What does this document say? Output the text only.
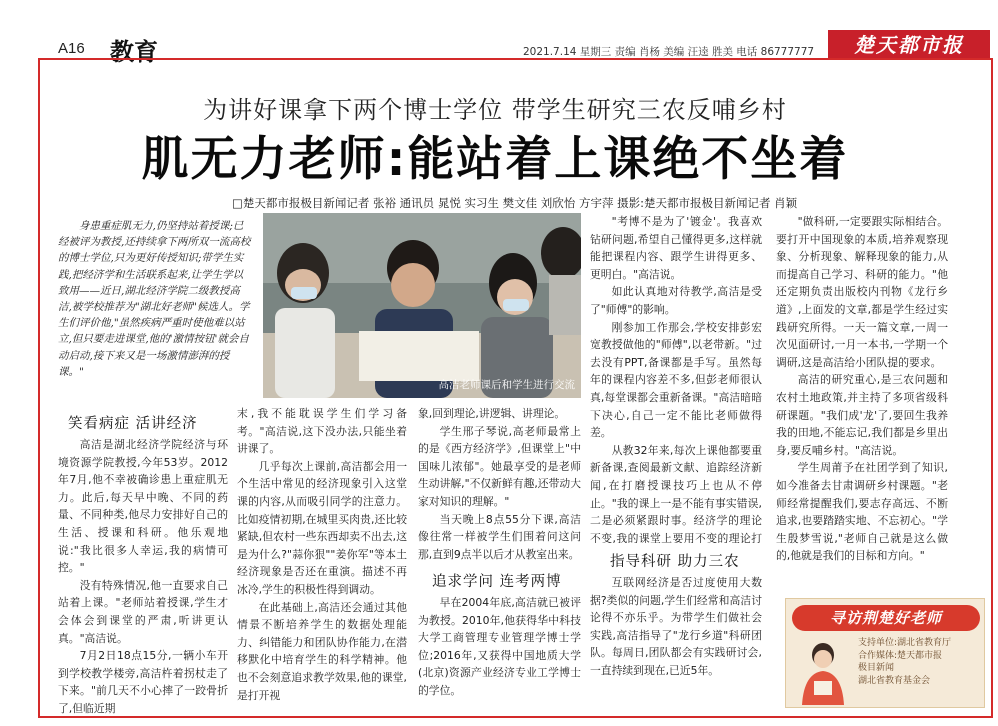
A16 教育	2021.7.14 星期三 责编 肖杨 美编 汪逵 胜美 电话 86777777	楚天都市报
为讲好课拿下两个博士学位 带学生研究三农反哺乡村
肌无力老师:能站着上课绝不坐着
□楚天都市报极目新闻记者 张裕 通讯员 晁悦 实习生 樊文佳 刘欣怡 方宇萍 摄影:楚天都市报极目新闻记者 肖颖
身患重症肌无力,仍坚持站着授课;已经被评为教授,还持续拿下两所双一流高校的博士学位,只为更好传授知识;带学生实践,把经济学和生活联系起来,让学生学以致用——近日,湖北经济学院二级教授高洁,被学校推荐为"湖北好老师"候选人。学生们评价他,"虽然疾病严重时使他难以站立,但只要走进课堂,他的'激情按钮'就会自动启动,接下来又是一场激情澎湃的授课。"
高洁老师课后和学生进行交流
笑看病症 活讲经济

高洁是湖北经济学院经济与环境资源学院教授,今年53岁。2012年7月,他不幸被确诊患上重症肌无力。此后,每天早中晚、不同的药量、不同种类,他尽力安排好自己的生活、授课和科研。他乐观地说:"我比很多人幸运,我的病情可控。"

没有特殊情况,他一直要求自己站着上课。"老师站着授课,学生才会体会到课堂的严肃,听讲更认真。"高洁说。

7月2日18点15分,一辆小车开到学校教学楼旁,高洁杵着拐杖走了下来。"前几天不小心摔了一跤骨折了,但临近期

末,我不能耽误学生们学习备考。"高洁说,这下没办法,只能坐着讲课了。

几乎每次上课前,高洁都会用一个生活中常见的经济现象引入这堂课的内容,从而吸引同学的注意力。比如疫情初期,在城里买肉贵,还比较紧缺,但农村一些东西却卖不出去,这是为什么?"蒜你狠""姜你军"等本土经济现象是否还在重演。描述不再冰冷,学生的积极性得到调动。

在此基础上,高洁还会通过其他情景不断培养学生的数据处理能力、纠错能力和团队协作能力,在潜移默化中培育学生的科学精神。他也不会刻意追求教学效果,他的课堂,是打开视

象,回到理论,讲逻辑、讲理论。

学生邢子琴说,高老师最常上的是《西方经济学》,但课堂上"中国味儿浓郁"。她最享受的是老师生动讲解,"不仅新鲜有趣,还带动大家对知识的理解。"

当天晚上8点55分下课,高洁像往常一样被学生们围着问这问那,直到9点半以后才从教室出来。

追求学问 连考两博

早在2004年底,高洁就已被评为教授。2010年,他获得华中科技大学工商管理专业管理学博士学位;2016年,又获得中国地质大学(北京)资源产业经济专业工学博士的学位。

"考博不是为了'镀金'。我喜欢钻研问题,希望自己懂得更多,这样就能把课程内容、跟学生讲得更多、更明白。"高洁说。

如此认真地对待教学,高洁是受了"师傅"的影响。

刚参加工作那会,学校安排彭宏宽教授做他的"师傅",以老带新。"过去没有PPT,备课都是手写。虽然每年的课程内容差不多,但彭老师很认真,每堂课都会重新备课。"高洁暗暗下决心,自己一定不能比老师做得差。

从教32年来,每次上课他都要重新备课,查阅最新文献、追踪经济新闻,在打磨授课技巧上也从不停止。"我的课上一是不能有事实错误,二是必须紧跟时事。经济学的理论不变,我的课堂上要用不变的理论打

指导科研 助力三农

互联网经济是否过度使用大数据?类似的问题,学生们经常和高洁讨论得不亦乐乎。为带学生们做社会实践,高洁指导了"龙行乡道"科研团队。每周日,团队都会有实践研讨会,一直持续到现在,已近5年。

"做科研,一定要跟实际相结合。要打开中国现象的本质,培养观察现象、分析现象、解释现象的能力,从而提高自己学习、科研的能力。"他还定期负责出版校内刊物《龙行乡道》,上面发的文章,都是学生经过实践研究所得。一天一篇文章,一周一次见面研讨,一月一本书,一学期一个调研,这是高洁给小团队提的要求。

高洁的研究重心,是三农问题和农村土地政策,并主持了多项省级科研课题。"我们成'龙'了,要回生我养我的田地,不能忘记,我们都是乡里出身,要反哺乡村。"高洁说。

学生周莆予在社团学到了知识,如今准备去甘肃调研乡村课题。"老师经常提醒我们,要志存高远、不断追求,也要踏踏实地、不忘初心。"学生殷梦雪说,"老师自己就是这么做的,他就是我们的目标和方向。"

寻访荆楚好老师
支持单位:湖北省教育厅
合作媒体:楚天都市报
极目新闻
湖北省教育基金会
